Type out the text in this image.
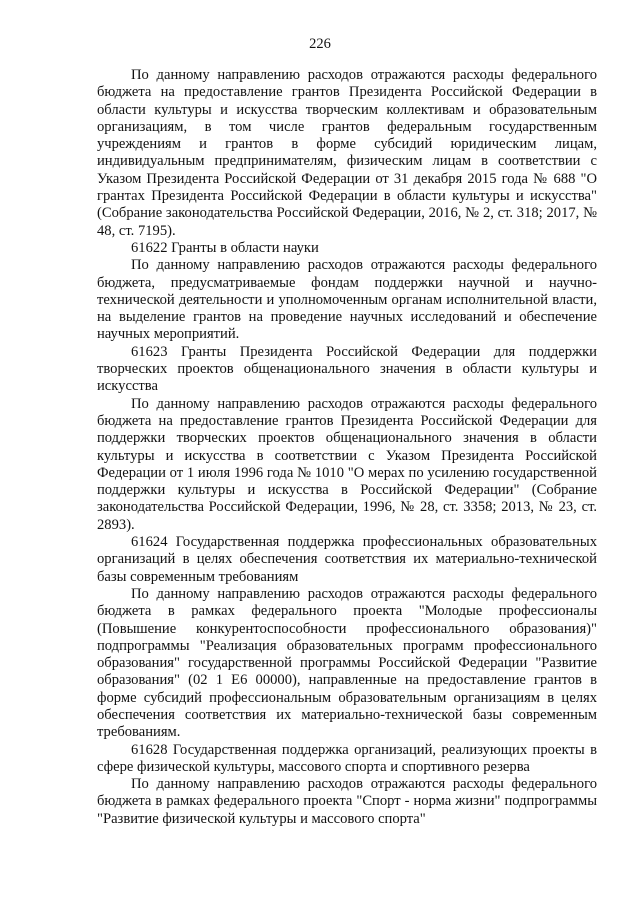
226

По данному направлению расходов отражаются расходы федерального бюджета на предоставление грантов Президента Российской Федерации в области культуры и искусства творческим коллективам и образовательным организациям, в том числе грантов федеральным государственным учреждениям и грантов в форме субсидий юридическим лицам, индивидуальным предпринимателям, физическим лицам в соответствии с Указом Президента Российской Федерации от 31 декабря 2015 года № 688 "О грантах Президента Российской Федерации в области культуры и искусства" (Собрание законодательства Российской Федерации, 2016, № 2, ст. 318; 2017, № 48, ст. 7195).

61622 Гранты в области науки

По данному направлению расходов отражаются расходы федерального бюджета, предусматриваемые фондам поддержки научной и научно-технической деятельности и уполномоченным органам исполнительной власти, на выделение грантов на проведение научных исследований и обеспечение научных мероприятий.

61623 Гранты Президента Российской Федерации для поддержки творческих проектов общенационального значения в области культуры и искусства

По данному направлению расходов отражаются расходы федерального бюджета на предоставление грантов Президента Российской Федерации для поддержки творческих проектов общенационального значения в области культуры и искусства в соответствии с Указом Президента Российской Федерации от 1 июля 1996 года № 1010 "О мерах по усилению государственной поддержки культуры и искусства в Российской Федерации" (Собрание законодательства Российской Федерации, 1996, № 28, ст. 3358; 2013, № 23, ст. 2893).

61624 Государственная поддержка профессиональных образовательных организаций в целях обеспечения соответствия их материально-технической базы современным требованиям

По данному направлению расходов отражаются расходы федерального бюджета в рамках федерального проекта "Молодые профессионалы (Повышение конкурентоспособности профессионального образования)" подпрограммы "Реализация образовательных программ профессионального образования" государственной программы Российской Федерации "Развитие образования" (02 1 E6 00000), направленные на предоставление грантов в форме субсидий профессиональным образовательным организациям в целях обеспечения соответствия их материально-технической базы современным требованиям.

61628 Государственная поддержка организаций, реализующих проекты в сфере физической культуры, массового спорта и спортивного резерва

По данному направлению расходов отражаются расходы федерального бюджета в рамках федерального проекта "Спорт - норма жизни" подпрограммы "Развитие физической культуры и массового спорта"
